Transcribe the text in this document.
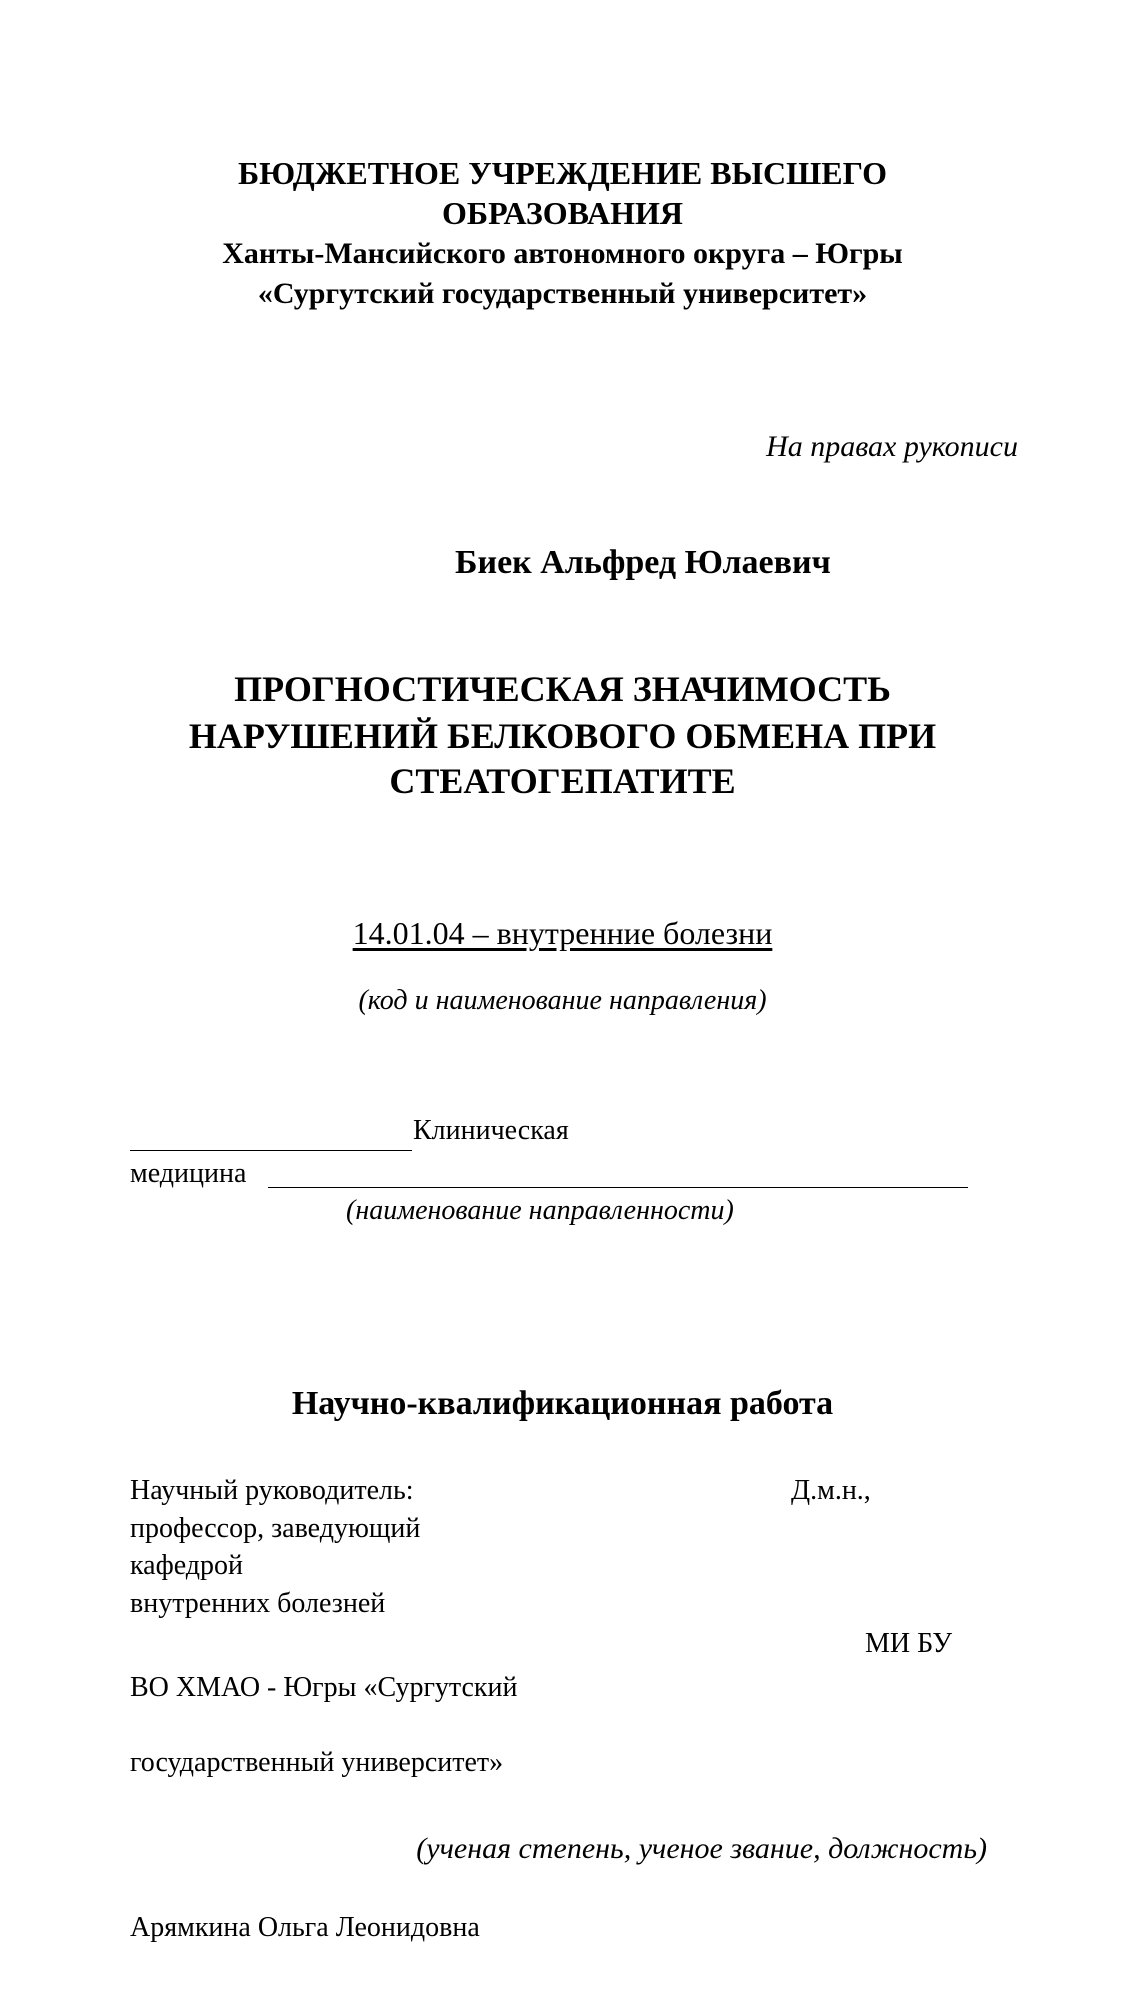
БЮДЖЕТНОЕ УЧРЕЖДЕНИЕ ВЫСШЕГО
ОБРАЗОВАНИЯ
Ханты-Мансийского автономного округа – Югры
«Сургутский государственный университет»
На правах рукописи
Биек Альфред Юлаевич
ПРОГНОСТИЧЕСКАЯ ЗНАЧИМОСТЬ
НАРУШЕНИЙ БЕЛКОВОГО ОБМЕНА ПРИ
СТЕАТОГЕПАТИТЕ
14.01.04 – внутренние болезни
(код и наименование направления)
Клиническая
медицина
(наименование направленности)
Научно-квалификационная работа
Научный руководитель:	Д.м.н.,
профессор, заведующий
кафедрой
внутренних болезней
МИ БУ
ВО ХМАО - Югры «Сургутский
государственный университет»
(ученая степень, ученое звание, должность)
Арямкина Ольга Леонидовна
